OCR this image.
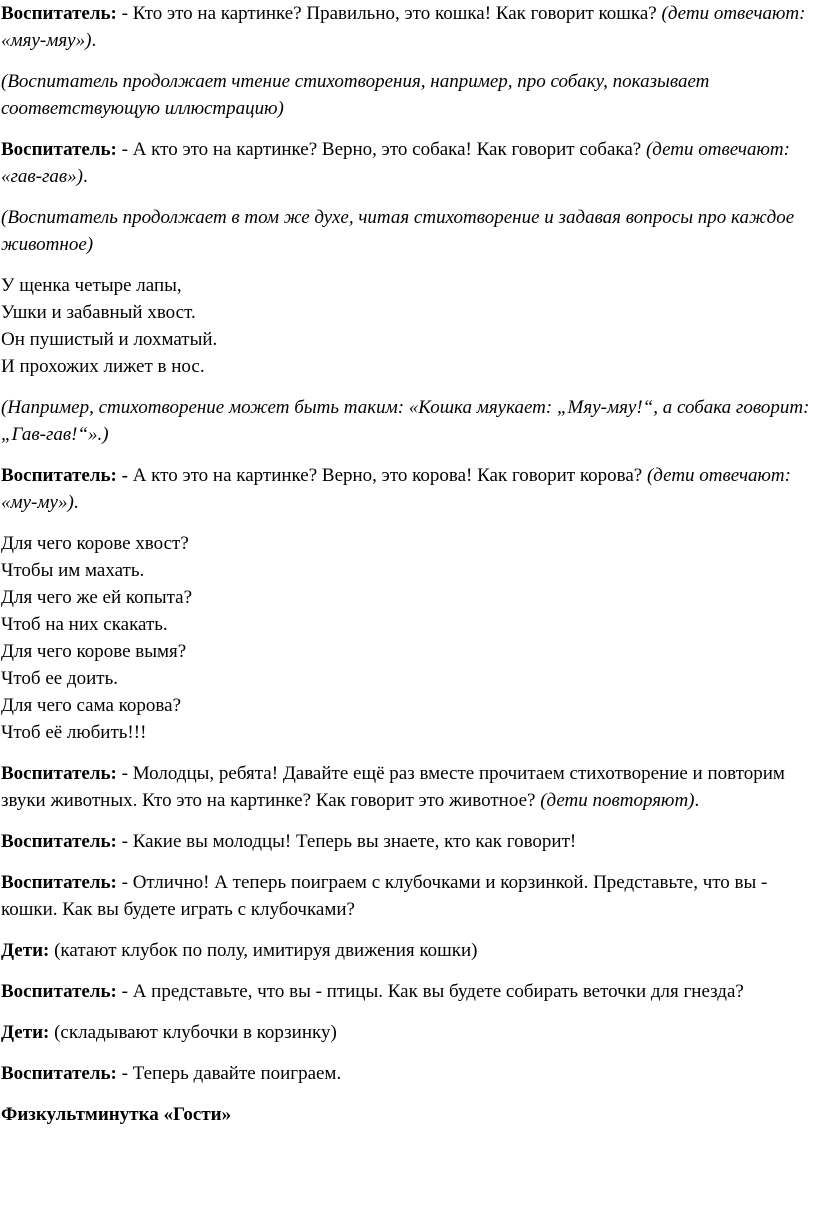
Воспитатель: - Кто это на картинке? Правильно, это кошка! Как говорит кошка? (дети отвечают: «мяу-мяу»).

(Воспитатель продолжает чтение стихотворения, например, про собаку, показывает соответствующую иллюстрацию)

Воспитатель: - А кто это на картинке? Верно, это собака! Как говорит собака? (дети отвечают: «гав-гав»).

(Воспитатель продолжает в том же духе, читая стихотворение и задавая вопросы про каждое животное)

У щенка четыре лапы,
Ушки и забавный хвост.
Он пушистый и лохматый.
И прохожих лижет в нос.

(Например, стихотворение может быть таким: «Кошка мяукает: „Мяу-мяу!“, а собака говорит: „Гав-гав!“».)

Воспитатель: - А кто это на картинке? Верно, это корова! Как говорит корова? (дети отвечают: «му-му»).

Для чего корове хвост?
Чтобы им махать.
Для чего же ей копыта?
Чтоб на них скакать.
Для чего корове вымя?
Чтоб ее доить.
Для чего сама корова?
Чтоб её любить!!!

Воспитатель: - Молодцы, ребята! Давайте ещё раз вместе прочитаем стихотворение и повторим звуки животных. Кто это на картинке? Как говорит это животное? (дети повторяют).

Воспитатель: - Какие вы молодцы! Теперь вы знаете, кто как говорит!

Воспитатель: - Отлично! А теперь поиграем с клубочками и корзинкой. Представьте, что вы - кошки. Как вы будете играть с клубочками?

Дети: (катают клубок по полу, имитируя движения кошки)

Воспитатель: - А представьте, что вы - птицы. Как вы будете собирать веточки для гнезда?

Дети: (складывают клубочки в корзинку)

Воспитатель: - Теперь давайте поиграем.

Физкультминутка «Гости»
